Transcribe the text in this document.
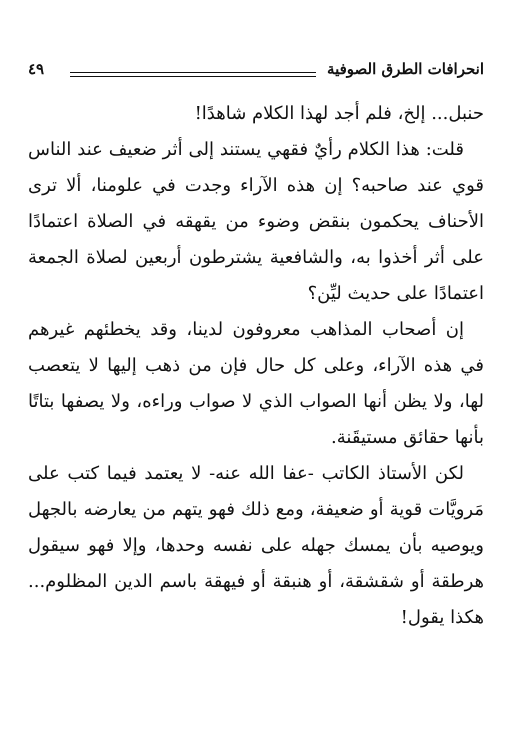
انحرافات الطرق الصوفية
٤٩

حنبل... إلخ، فلم أجد لهذا الكلام شاهدًا!

قلت: هذا الكلام رأيٌ فقهي يستند إلى أثر ضعيف عند الناس قوي عند صاحبه؟ إن هذه الآراء وجدت في علومنا، ألا ترى الأحناف يحكمون بنقض وضوء من يقهقه في الصلاة اعتمادًا على أثر أخذوا به، والشافعية يشترطون أربعين لصلاة الجمعة اعتمادًا على حديث ليِّن؟

إن أصحاب المذاهب معروفون لدينا، وقد يخطئهم غيرهم في هذه الآراء، وعلى كل حال فإن من ذهب إليها لا يتعصب لها، ولا يظن أنها الصواب الذي لا صواب وراءه، ولا يصفها بتاتًا بأنها حقائق مستيقَنة.

لكن الأستاذ الكاتب -عفا الله عنه- لا يعتمد فيما كتب على مَرويَّات قوية أو ضعيفة، ومع ذلك فهو يتهم من يعارضه بالجهل ويوصيه بأن يمسك جهله على نفسه وحدها، وإلا فهو سيقول هرطقة أو شقشقة، أو هنبقة أو فيهقة باسم الدين المظلوم... هكذا يقول!
